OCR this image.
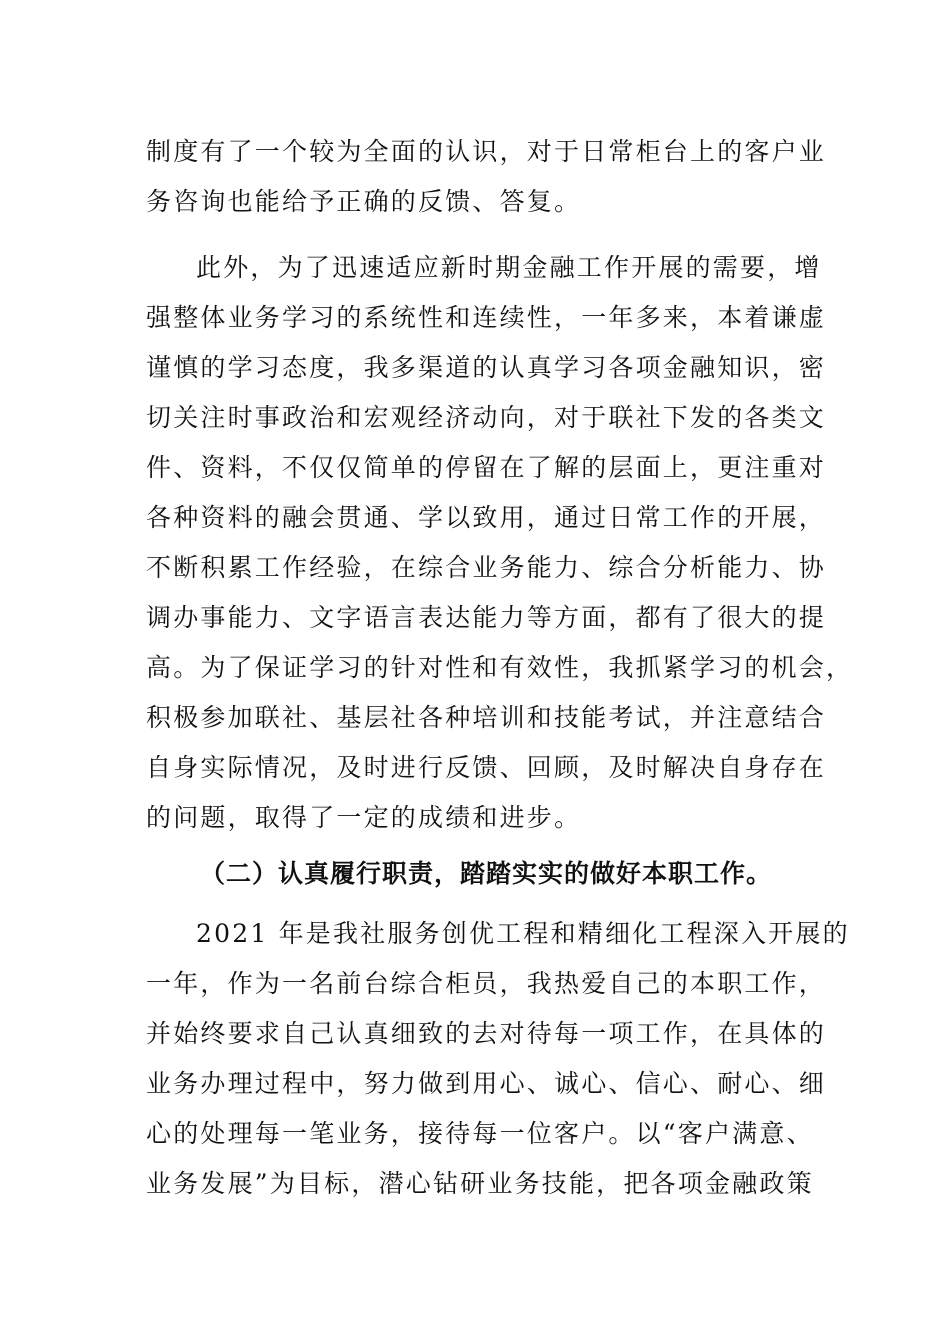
制度有了一个较为全面的认识，对于日常柜台上的客户业
务咨询也能给予正确的反馈、答复。
此外，为了迅速适应新时期金融工作开展的需要，增
强整体业务学习的系统性和连续性，一年多来，本着谦虚
谨慎的学习态度，我多渠道的认真学习各项金融知识，密
切关注时事政治和宏观经济动向，对于联社下发的各类文
件、资料，不仅仅简单的停留在了解的层面上，更注重对
各种资料的融会贯通、学以致用，通过日常工作的开展，
不断积累工作经验，在综合业务能力、综合分析能力、协
调办事能力、文字语言表达能力等方面，都有了很大的提
高。为了保证学习的针对性和有效性，我抓紧学习的机会，
积极参加联社、基层社各种培训和技能考试，并注意结合
自身实际情况，及时进行反馈、回顾，及时解决自身存在
的问题，取得了一定的成绩和进步。
（二）认真履行职责，踏踏实实的做好本职工作。
2021 年是我社服务创优工程和精细化工程深入开展的
一年，作为一名前台综合柜员，我热爱自己的本职工作，
并始终要求自己认真细致的去对待每一项工作，在具体的
业务办理过程中，努力做到用心、诚心、信心、耐心、细
心的处理每一笔业务，接待每一位客户。以“客户满意、
业务发展”为目标，潜心钻研业务技能，把各项金融政策
